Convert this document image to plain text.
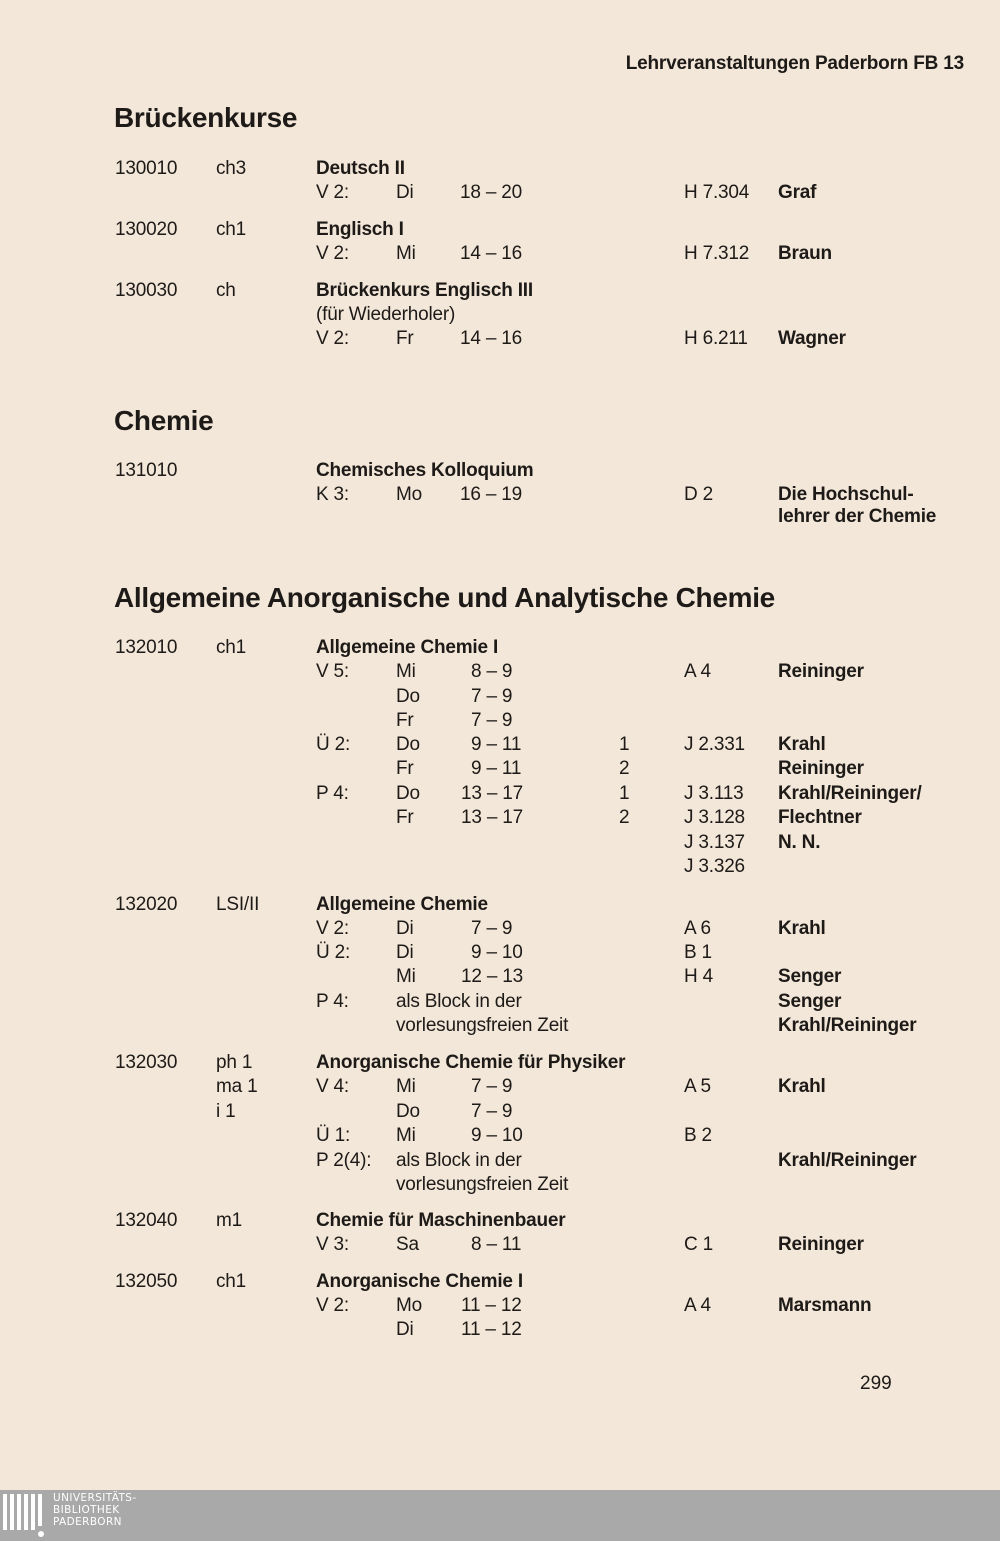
Lehrveranstaltungen Paderborn FB 13
Brückenkurse
130010 ch3	Deutsch II
V 2: Di 18 – 20	H 7.304 Graf
130020 ch1	Englisch I
V 2: Mi 14 – 16	H 7.312 Braun
130030 ch	Brückenkurs Englisch III
(für Wiederholer)
V 2: Fr 14 – 16	H 6.211 Wagner
Chemie
131010	Chemisches Kolloquium
K 3: Mo 16 – 19	D 2	Die Hochschul-
lehrer der Chemie
Allgemeine Anorganische und Analytische Chemie
132010 ch1	Allgemeine Chemie I
V 5: Mi	8 – 9	A 4	Reininger
Do	7 – 9
Fr	7 – 9
Ü 2: Do	9 – 11	1	J 2.331 Krahl
Fr	9 – 11	2	Reininger
P 4: Do 13 – 17	1	J 3.113 Krahl/Reininger/
Fr 13 – 17	2	J 3.128 Flechtner
J 3.137 N. N.
J 3.326
132020 LSI/II	Allgemeine Chemie
V 2: Di	7 – 9	A 6	Krahl
Ü 2: Di	9 – 10	B 1
Mi 12 – 13	H 4	Senger
P 4: als Block in der	Senger
vorlesungsfreien Zeit	Krahl/Reininger
132030 ph 1	Anorganische Chemie für Physiker
ma 1	V 4: Mi	7 – 9	A 5	Krahl
i 1	Do	7 – 9
Ü 1: Mi	9 – 10	B 2
P 2(4): als Block in der	Krahl/Reininger
vorlesungsfreien Zeit
132040 m1	Chemie für Maschinenbauer
V 3: Sa	8 – 11	C 1	Reininger
132050 ch1	Anorganische Chemie I
V 2: Mo 11 – 12	A 4	Marsmann
Di 11 – 12
299
UNIVERSITÄTS-
BIBLIOTHEK
PADERBORN
